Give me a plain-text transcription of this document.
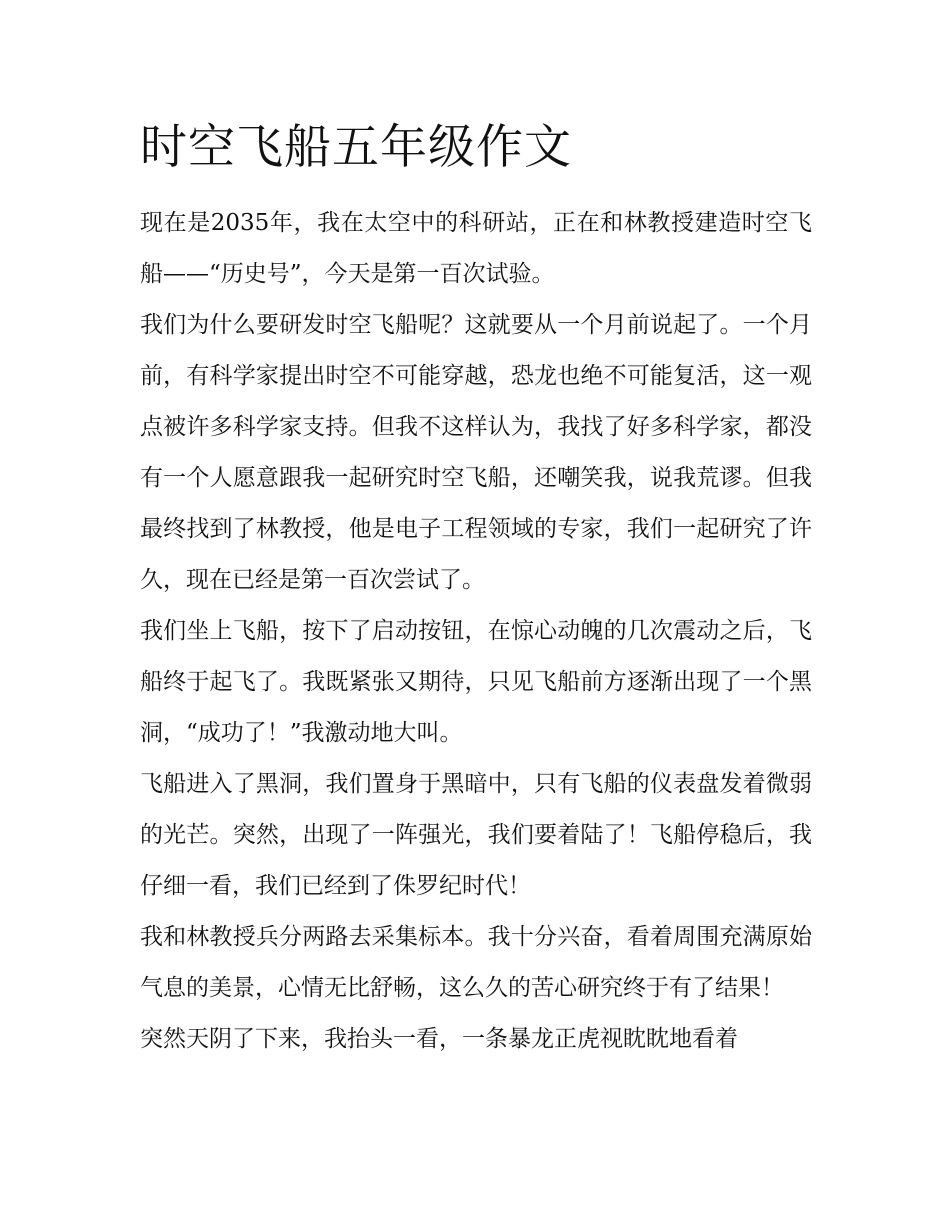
时空飞船五年级作文

现在是2035年，我在太空中的科研站，正在和林教授建造时空飞船——“历史号”，今天是第一百次试验。

我们为什么要研发时空飞船呢？这就要从一个月前说起了。一个月前，有科学家提出时空不可能穿越，恐龙也绝不可能复活，这一观点被许多科学家支持。但我不这样认为，我找了好多科学家，都没有一个人愿意跟我一起研究时空飞船，还嘲笑我，说我荒谬。但我最终找到了林教授，他是电子工程领域的专家，我们一起研究了许久，现在已经是第一百次尝试了。

我们坐上飞船，按下了启动按钮，在惊心动魄的几次震动之后，飞船终于起飞了。我既紧张又期待，只见飞船前方逐渐出现了一个黑洞，“成功了！”我激动地大叫。

飞船进入了黑洞，我们置身于黑暗中，只有飞船的仪表盘发着微弱的光芒。突然，出现了一阵强光，我们要着陆了！飞船停稳后，我仔细一看，我们已经到了侏罗纪时代！

我和林教授兵分两路去采集标本。我十分兴奋，看着周围充满原始气息的美景，心情无比舒畅，这么久的苦心研究终于有了结果！

突然天阴了下来，我抬头一看，一条暴龙正虎视眈眈地看着
